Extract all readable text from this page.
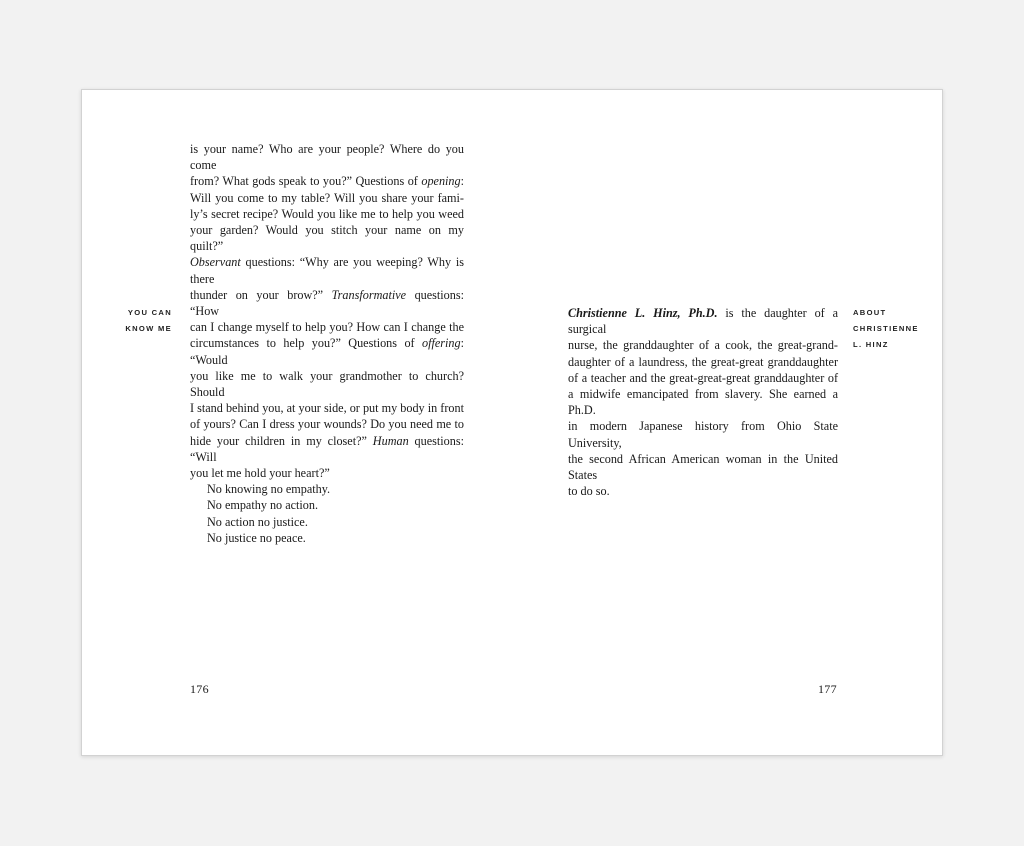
YOU CAN
KNOW ME
is your name? Who are your people? Where do you come
from? What gods speak to you?” Questions of opening:
Will you come to my table? Will you share your fami-
ly’s secret recipe? Would you like me to help you weed
your garden? Would you stitch your name on my quilt?”
Observant questions: “Why are you weeping? Why is there
thunder on your brow?” Transformative questions: “How
can I change myself to help you? How can I change the
circumstances to help you?” Questions of offering: “Would
you like me to walk your grandmother to church? Should
I stand behind you, at your side, or put my body in front
of yours? Can I dress your wounds? Do you need me to
hide your children in my closet?” Human questions: “Will
you let me hold your heart?”
No knowing no empathy.
No empathy no action.
No action no justice.
No justice no peace.
176
Christienne L. Hinz, Ph.D. is the daughter of a surgical
nurse, the granddaughter of a cook, the great-grand-
daughter of a laundress, the great-great granddaughter
of a teacher and the great-great-great granddaughter of
a midwife emancipated from slavery. She earned a Ph.D.
in modern Japanese history from Ohio State University,
the second African American woman in the United States
to do so.
ABOUT
CHRISTIENNE
L. HINZ
177
